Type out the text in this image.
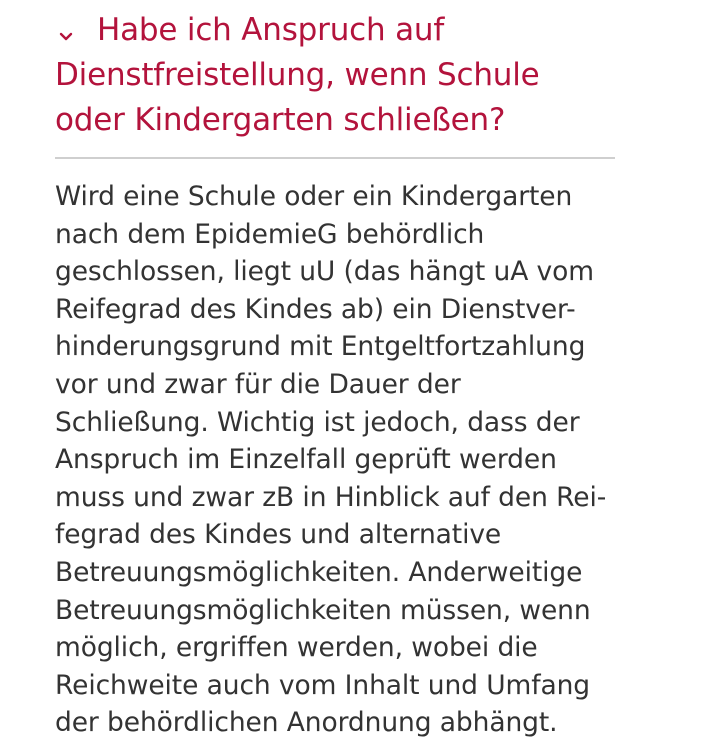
Habe ich Anspruch auf Dienstfreistellung, wenn Schule oder Kindergarten schließen?

Wird eine Schule oder ein Kindergarten
nach dem EpidemieG behördlich
geschlossen, liegt uU (das hängt uA vom
Reifegrad des Kindes ab) ein Dienstver-
hinderungsgrund mit Entgeltfortzahlung
vor und zwar für die Dauer der
Schließung. Wichtig ist jedoch, dass der
Anspruch im Einzelfall geprüft werden
muss und zwar zB in Hinblick auf den Rei-
fegrad des Kindes und alternative
Betreuungsmöglichkeiten. Anderweitige
Betreuungsmöglichkeiten müssen, wenn
möglich, ergriffen werden, wobei die
Reichweite auch vom Inhalt und Umfang
der behördlichen Anordnung abhängt.
